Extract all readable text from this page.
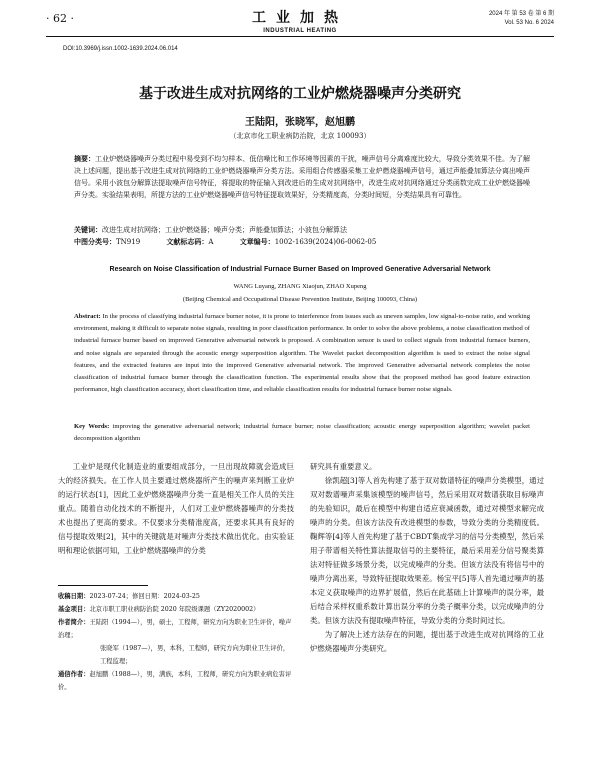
· 62 ·	工业加热
INDUSTRIAL HEATING
2024 年 第 53 卷 第 6 期
Vol. 53 No. 6 2024
DOI:10.3969/j.issn.1002-1639.2024.06.014
基于改进生成对抗网络的工业炉燃烧器噪声分类研究
王陆阳，张晓军，赵旭鹏
（北京市化工职业病防治院，北京 100093）
摘要：工业炉燃烧器噪声分类过程中易受到不均匀样本、低信噪比和工作环境等因素的干扰，噪声信号分离难度比较大，导致分类效果不佳。为了解决上述问题，提出基于改进生成对抗网络的工业炉燃烧器噪声分类方法。采用组合传感器采集工业炉燃烧器噪声信号，通过声能叠加算法分离出噪声信号。采用小波包分解算法提取噪声信号特征，将提取的特征输入到改进后的生成对抗网络中，改进生成对抗网络通过分类函数完成工业炉燃烧器噪声分类。实验结果表明，所提方法的工业炉燃烧器噪声信号特征提取效果好，分类精度高，分类时间短，分类结果具有可靠性。
关键词：改进生成对抗网络；工业炉燃烧器；噪声分类；声能叠加算法；小波包分解算法
中图分类号：TN919	文献标志码：A	文章编号：1002-1639(2024)06-0062-05
Research on Noise Classification of Industrial Furnace Burner Based on Improved Generative Adversarial Network
WANG Luyang, ZHANG Xiaojun, ZHAO Xupeng
(Beijing Chemical and Occupational Disease Prevention Institute, Beijing 100093, China)
Abstract: In the process of classifying industrial furnace burner noise, it is prone to interference from issues such as uneven samples, low signal-to-noise ratio, and working environment, making it difficult to separate noise signals, resulting in poor classification performance. In order to solve the above problems, a noise classification method of industrial furnace burner based on improved Generative adversarial network is proposed. A combination sensor is used to collect signals from industrial furnace burners, and noise signals are separated through the acoustic energy superposition algorithm. The Wavelet packet decomposition algorithm is used to extract the noise signal features, and the extracted features are input into the improved Generative adversarial network. The improved Generative adversarial network completes the noise classification of industrial furnace burner through the classification function. The experimental results show that the proposed method has good feature extraction performance, high classification accuracy, short classification time, and reliable classification results for industrial furnace burner noise signals.
Key Words: improving the generative adversarial network; industrial furnace burner; noise classification; acoustic energy superposition algorithm; wavelet packet decomposition algorithm

工业炉是现代化制造业的重要组成部分，一旦出现故障就会造成巨大的经济损失。在工作人员主要通过燃烧器所产生的噪声来判断工业炉的运行状态[1]，因此工业炉燃烧器噪声分类一直是相关工作人员的关注重点。随着自动化技术的不断提升，人们对工业炉燃烧器噪声的分类技术也提出了更高的要求。不仅要求分类精准度高，还要求其具有良好的信号提取效果[2]，其中的关键就是对噪声分类技术做出优化。由实验证明和理论依据可知，工业炉燃烧器噪声的分类

收稿日期：2023-07-24；修回日期：2024-03-25
基金项目：北京市职工职业病防治院 2020 年院级课题（ZY2020002）
作者简介：王陆阳（1994—），男，硕士，工程师，研究方向为职业卫生评价，噪声治理；
张晓军（1987—），男，本科，工程师，研究方向为职业卫生评价，工程监理；
通信作者：赵旭鹏（1988—），男，满族，本科，工程师，研究方向为职业病危害评价。

研究具有重要意义。

徐凯超[3]等人首先构建了基于双对数谱特征的噪声分类模型，通过双对数谱噪声采集该模型的噪声信号，然后采用双对数谱获取目标噪声的先验知识，最后在模型中构建自适应衰减函数，通过对模型求解完成噪声的分类。但该方法没有改进模型的参数，导致分类的分类精度低。鞠辉等[4]等人首先构建了基于CBDT集成学习的信号分类模型，然后采用子带谱相关特性算法提取信号的主要特征，最后采用差分信号聚类算法对特征做多场景分类，以完成噪声的分类。但该方法没有将信号中的噪声分离出来，导致特征提取效果差。杨宝平[5]等人首先通过噪声的基本定义获取噪声的边界扩展值，然后在此基础上计算噪声的误分率，最后结合采样权重系数计算出误分率的分类子概率分类，以完成噪声的分类。但该方法没有提取噪声特征，导致分类的分类时间过长。

为了解决上述方法存在的问题，提出基于改进生成对抗网络的工业炉燃烧器噪声分类研究。
